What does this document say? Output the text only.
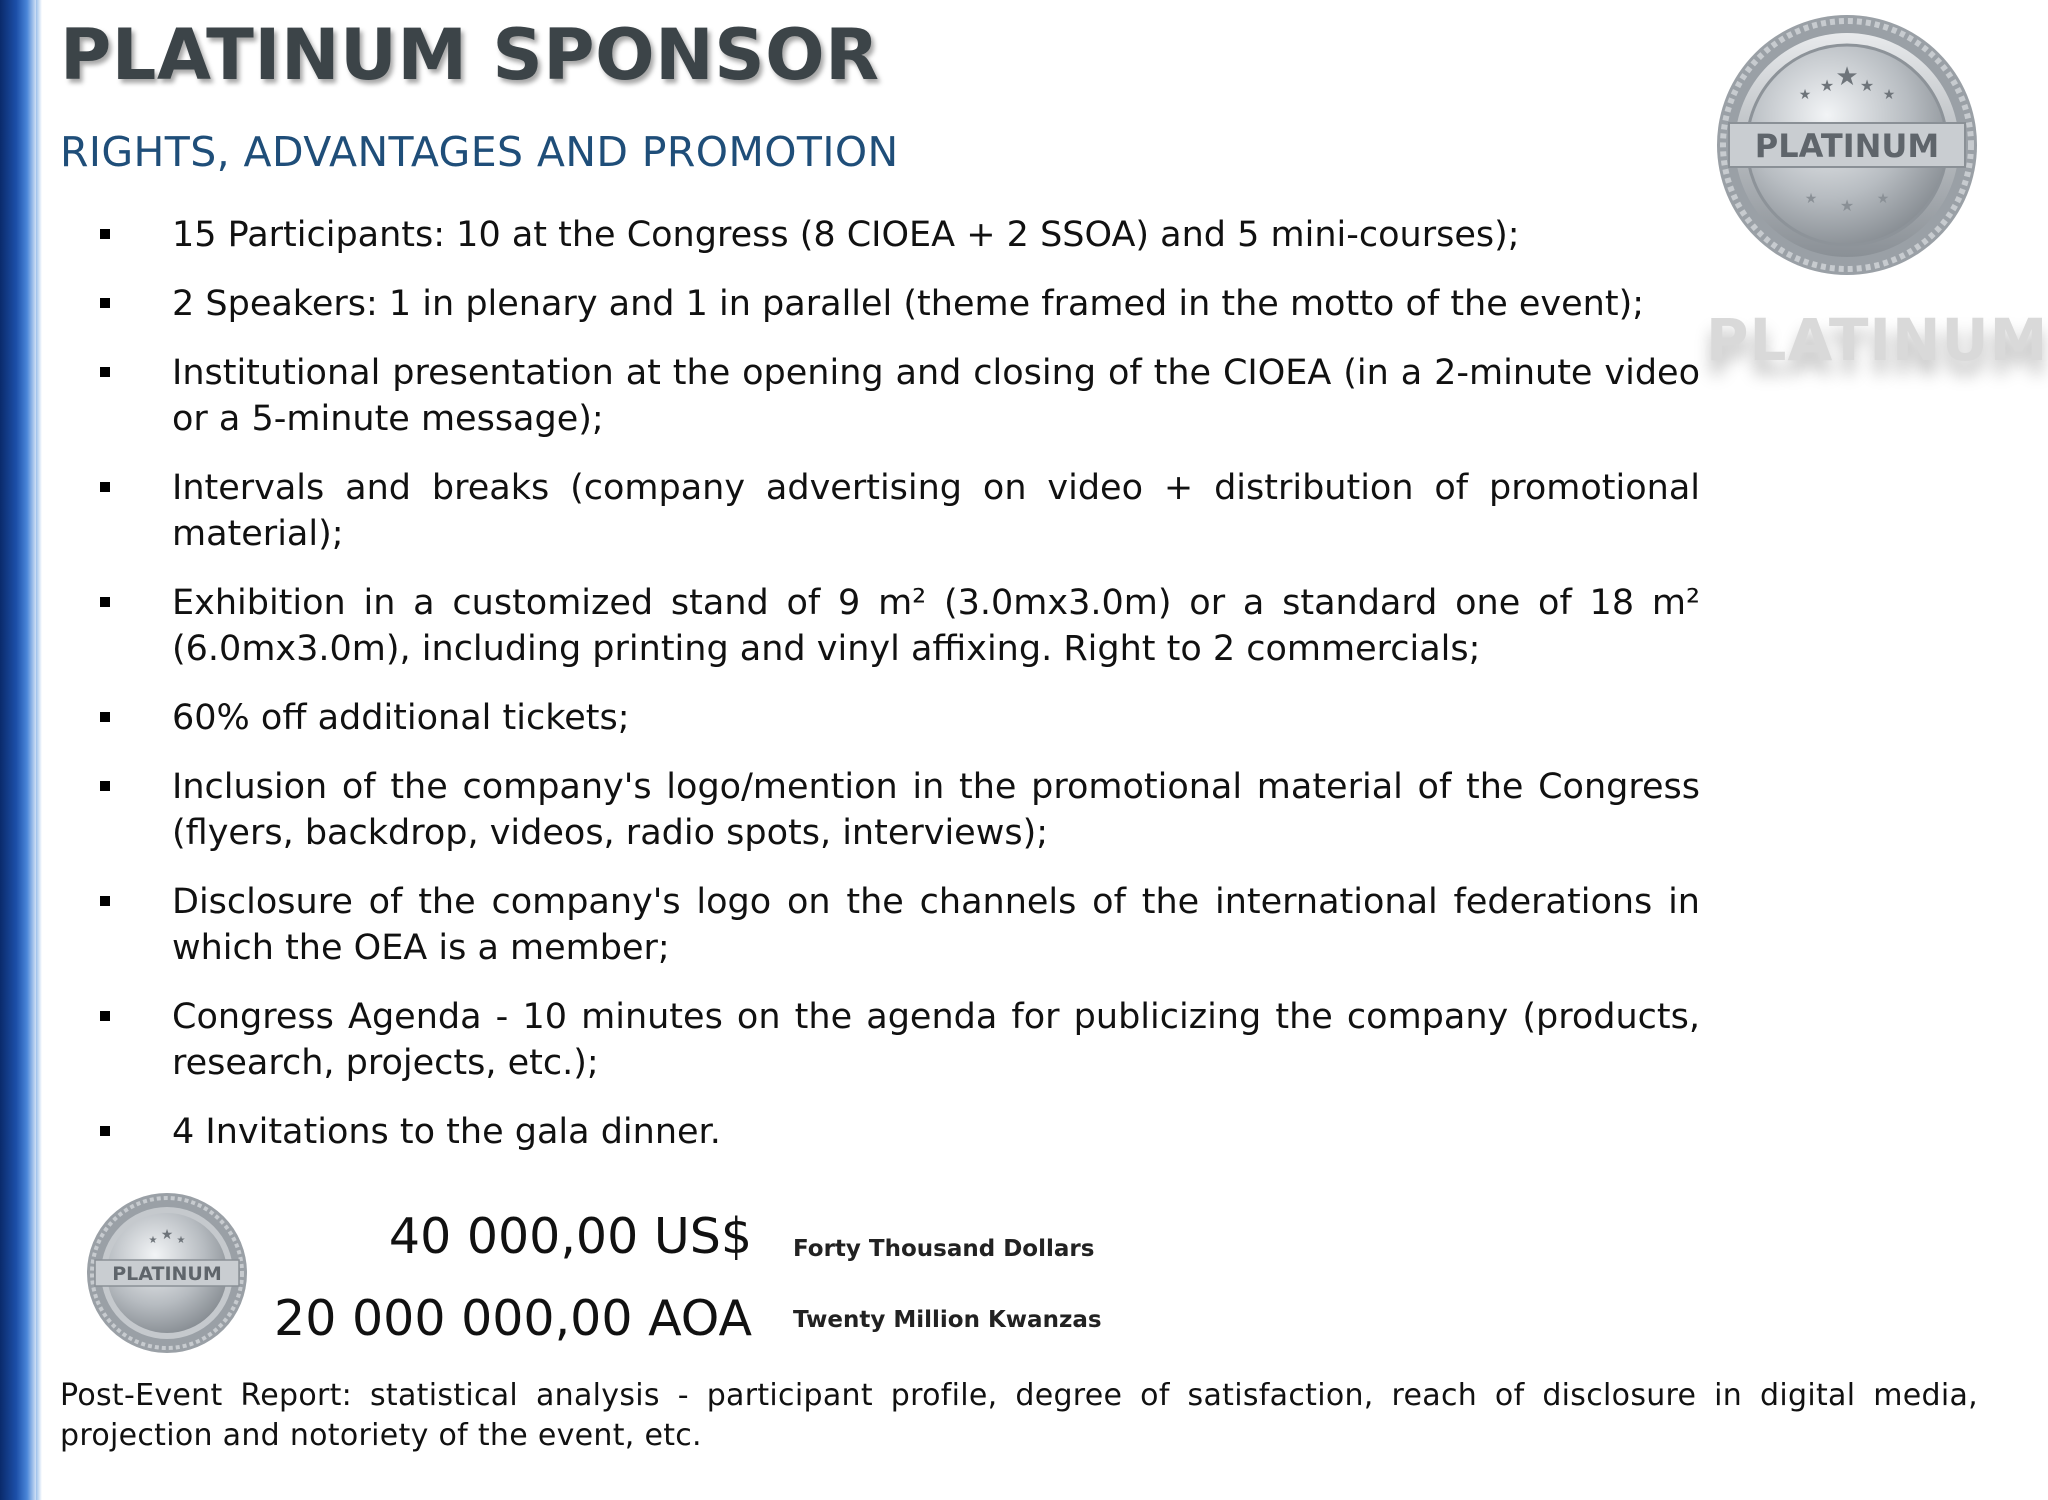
PLATINUM SPONSOR
RIGHTS, ADVANTAGES AND PROMOTION	PLATINUM
★ ★ ★ ★ ★
★ ★ ★
PLATINUM
15 Participants: 10 at the Congress (8 CIOEA + 2 SSOA) and 5 mini-courses);
2 Speakers: 1 in plenary and 1 in parallel (theme framed in the motto of the event);
Institutional presentation at the opening and closing of the CIOEA (in a 2-minute video or a 5-minute message);
Intervals and breaks (company advertising on video + distribution of promotional material);
Exhibition in a customized stand of 9 m² (3.0mx3.0m) or a standard one of 18 m² (6.0mx3.0m), including printing and vinyl affixing. Right to 2 commercials;
60% off additional tickets;
Inclusion of the company's logo/mention in the promotional material of the Congress (flyers, backdrop, videos, radio spots, interviews);
Disclosure of the company's logo on the channels of the international federations in which the OEA is a member;
Congress Agenda - 10 minutes on the agenda for publicizing the company (products, research, projects, etc.);
4 Invitations to the gala dinner.
PLATINUM
★ ★ ★	40 000,00 US$ Forty Thousand Dollars
20 000 000,00 AOA Twenty Million Kwanzas
Post-Event Report: statistical analysis - participant profile, degree of satisfaction, reach of disclosure in digital media, projection and notoriety of the event, etc.
